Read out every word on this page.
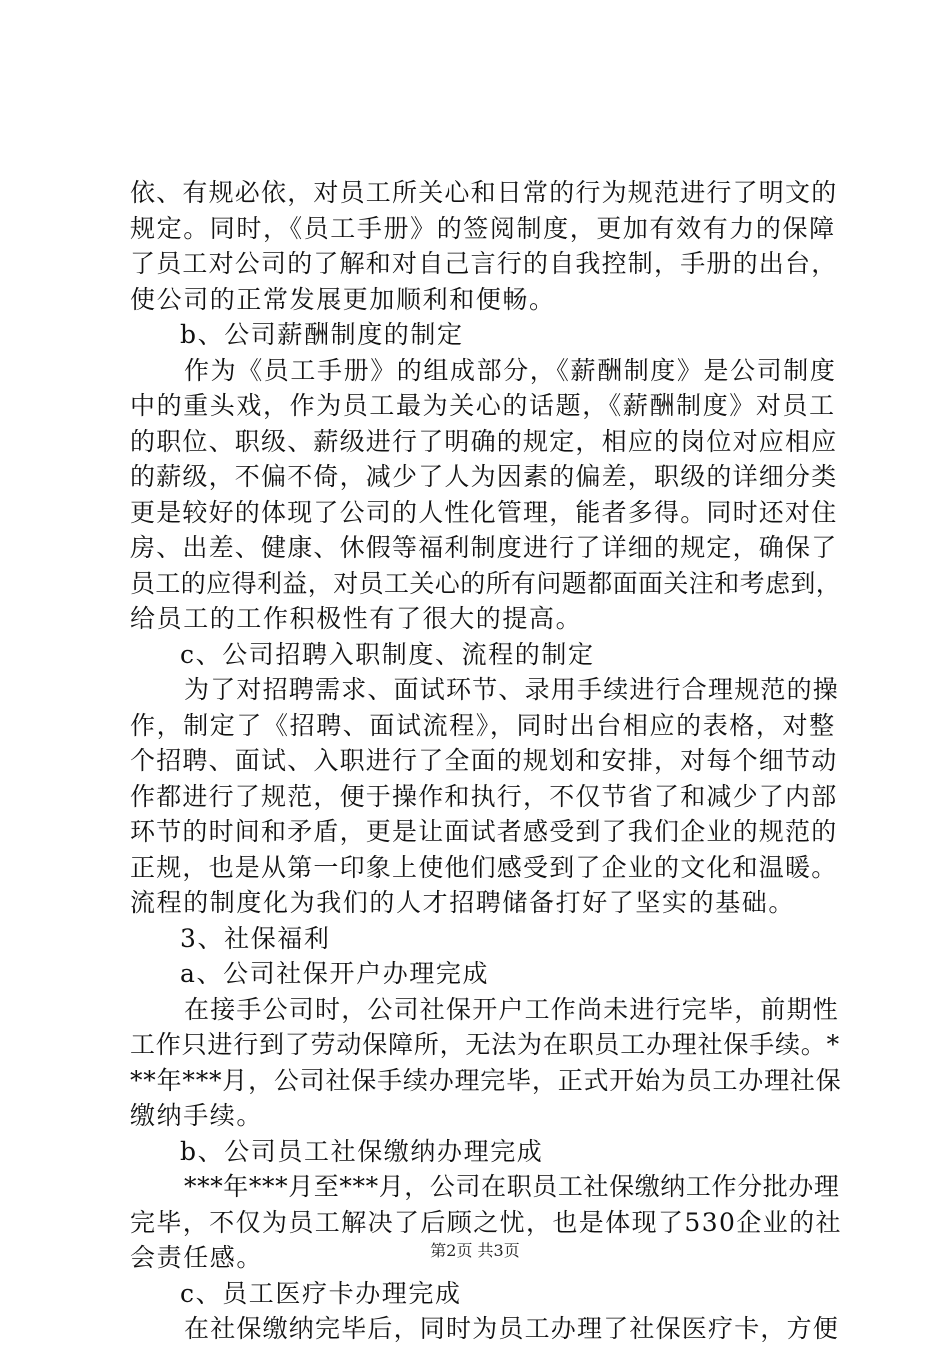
依、有规必依，对员工所关心和日常的行为规范进行了明文的
规定。同时，《员工手册》的签阅制度，更加有效有力的保障
了员工对公司的了解和对自己言行的自我控制，手册的出台，
使公司的正常发展更加顺利和便畅。
b、公司薪酬制度的制定
作为《员工手册》的组成部分，《薪酬制度》是公司制度
中的重头戏，作为员工最为关心的话题，《薪酬制度》对员工
的职位、职级、薪级进行了明确的规定，相应的岗位对应相应
的薪级，不偏不倚，减少了人为因素的偏差，职级的详细分类
更是较好的体现了公司的人性化管理，能者多得。同时还对住
房、出差、健康、休假等福利制度进行了详细的规定，确保了
员工的应得利益，对员工关心的所有问题都面面关注和考虑到，
给员工的工作积极性有了很大的提高。
c、公司招聘入职制度、流程的制定
为了对招聘需求、面试环节、录用手续进行合理规范的操
作，制定了《招聘、面试流程》，同时出台相应的表格，对整
个招聘、面试、入职进行了全面的规划和安排，对每个细节动
作都进行了规范，便于操作和执行，不仅节省了和减少了内部
环节的时间和矛盾，更是让面试者感受到了我们企业的规范的
正规，也是从第一印象上使他们感受到了企业的文化和温暖。
流程的制度化为我们的人才招聘储备打好了坚实的基础。
3、社保福利
a、公司社保开户办理完成
在接手公司时，公司社保开户工作尚未进行完毕，前期性
工作只进行到了劳动保障所，无法为在职员工办理社保手续。*
**年***月，公司社保手续办理完毕，正式开始为员工办理社保
缴纳手续。
b、公司员工社保缴纳办理完成
***年***月至***月，公司在职员工社保缴纳工作分批办理
完毕，不仅为员工解决了后顾之忧，也是体现了530企业的社
会责任感。
c、员工医疗卡办理完成
在社保缴纳完毕后，同时为员工办理了社保医疗卡，方便
第2页 共3页
